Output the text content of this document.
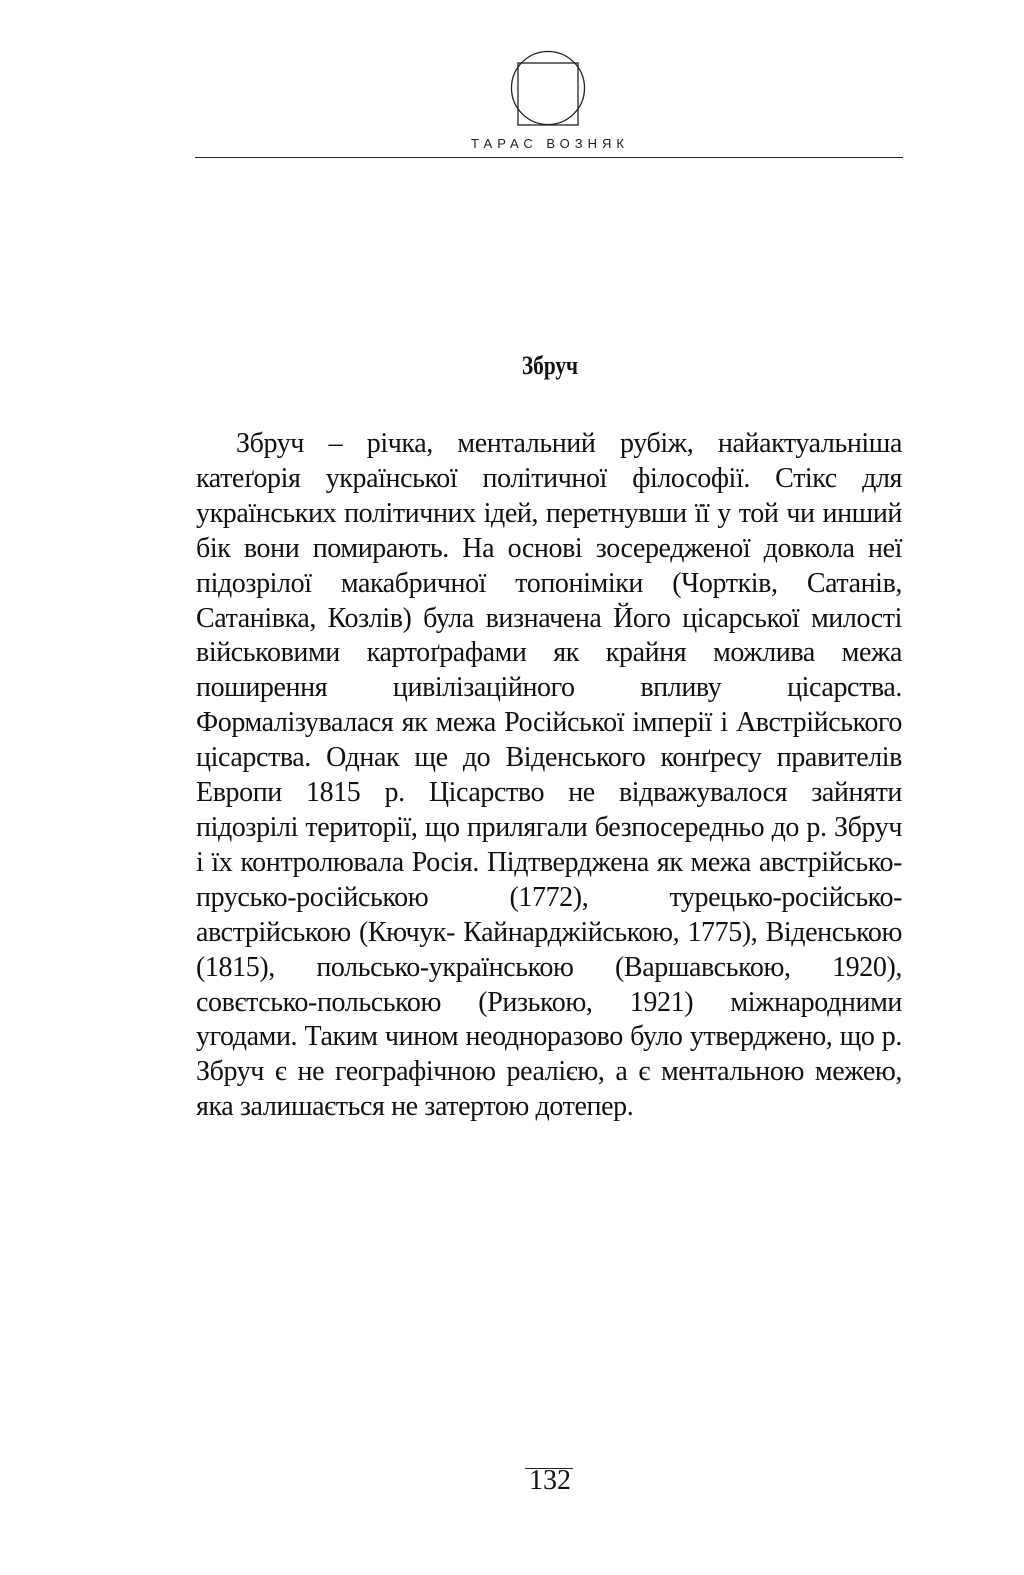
ТАРАС ВОЗНЯК
Збруч

Збруч – річка, ментальний рубіж, найактуальніша катеґорія української політичної філософії. Стікс для українських політичних ідей, перетнувши її у той чи инший бік вони помирають. На основі зосередженої довкола неї підозрілої макабричної топоніміки (Чортків, Сатанів, Сатанівка, Козлів) була визначена Його цісарської милості військовими картоґрафами як крайня можлива межа поширення цивілізаційного впливу цісарства. Формалізувалася як межа Російської імперії і Австрійського цісарства. Однак ще до Віденського конґресу правителів Европи 1815 р. Цісарство не відважувалося зайняти підозрілі території, що прилягали безпосередньо до р. Збруч і їх контролювала Росія. Підтверджена як межа австрійсько-прусько-російською (1772), турецько-російсько-австрійською (Кючук- Кайнарджійською, 1775), Віденською (1815), польсько-українською (Варшавською, 1920), совєтсько-польською (Ризькою, 1921) міжнародними угодами. Таким чином неодноразово було утверджено, що р. Збруч є не географічною реалією, а є ментальною межею, яка залишається не затертою дотепер.

132
